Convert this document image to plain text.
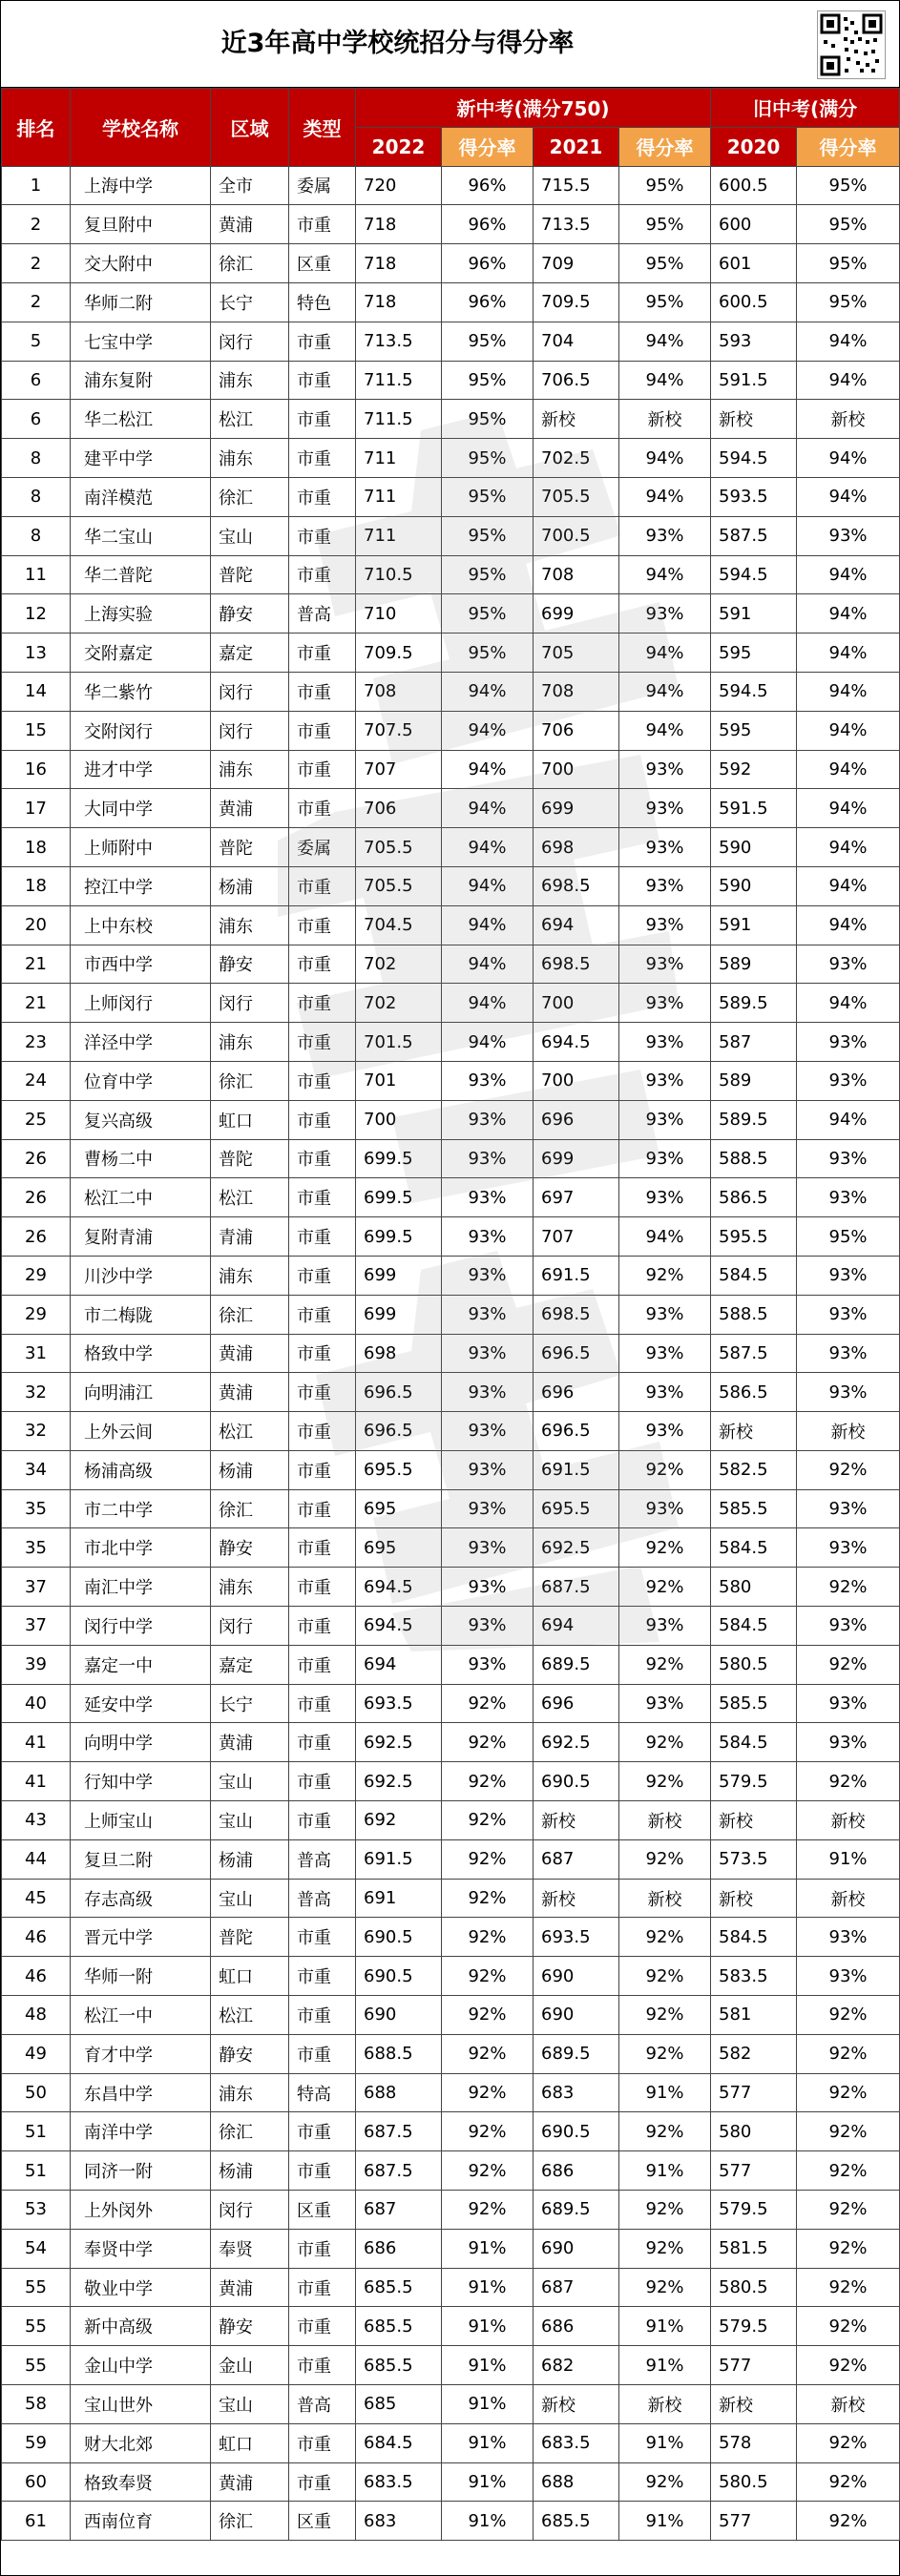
近3年高中学校统招分与得分率
排名	学校名称	区域	类型	新中考(满分750)				旧中考(满分	
				2022	得分率	2021	得分率	2020	得分率
1	上海中学	全市	委属	720	96%	715.5	95%	600.5	95%
2	复旦附中	黄浦	市重	718	96%	713.5	95%	600	95%
2	交大附中	徐汇	区重	718	96%	709	95%	601	95%
2	华师二附	长宁	特色	718	96%	709.5	95%	600.5	95%
5	七宝中学	闵行	市重	713.5	95%	704	94%	593	94%
6	浦东复附	浦东	市重	711.5	95%	706.5	94%	591.5	94%
6	华二松江	松江	市重	711.5	95%	新校	新校	新校	新校
8	建平中学	浦东	市重	711	95%	702.5	94%	594.5	94%
8	南洋模范	徐汇	市重	711	95%	705.5	94%	593.5	94%
8	华二宝山	宝山	市重	711	95%	700.5	93%	587.5	93%
11	华二普陀	普陀	市重	710.5	95%	708	94%	594.5	94%
12	上海实验	静安	普高	710	95%	699	93%	591	94%
13	交附嘉定	嘉定	市重	709.5	95%	705	94%	595	94%
14	华二紫竹	闵行	市重	708	94%	708	94%	594.5	94%
15	交附闵行	闵行	市重	707.5	94%	706	94%	595	94%
16	进才中学	浦东	市重	707	94%	700	93%	592	94%
17	大同中学	黄浦	市重	706	94%	699	93%	591.5	94%
18	上师附中	普陀	委属	705.5	94%	698	93%	590	94%
18	控江中学	杨浦	市重	705.5	94%	698.5	93%	590	94%
20	上中东校	浦东	市重	704.5	94%	694	93%	591	94%
21	市西中学	静安	市重	702	94%	698.5	93%	589	93%
21	上师闵行	闵行	市重	702	94%	700	93%	589.5	94%
23	洋泾中学	浦东	市重	701.5	94%	694.5	93%	587	93%
24	位育中学	徐汇	市重	701	93%	700	93%	589	93%
25	复兴高级	虹口	市重	700	93%	696	93%	589.5	94%
26	曹杨二中	普陀	市重	699.5	93%	699	93%	588.5	93%
26	松江二中	松江	市重	699.5	93%	697	93%	586.5	93%
26	复附青浦	青浦	市重	699.5	93%	707	94%	595.5	95%
29	川沙中学	浦东	市重	699	93%	691.5	92%	584.5	93%
29	市二梅陇	徐汇	市重	699	93%	698.5	93%	588.5	93%
31	格致中学	黄浦	市重	698	93%	696.5	93%	587.5	93%
32	向明浦江	黄浦	市重	696.5	93%	696	93%	586.5	93%
32	上外云间	松江	市重	696.5	93%	696.5	93%	新校	新校
34	杨浦高级	杨浦	市重	695.5	93%	691.5	92%	582.5	92%
35	市二中学	徐汇	市重	695	93%	695.5	93%	585.5	93%
35	市北中学	静安	市重	695	93%	692.5	92%	584.5	93%
37	南汇中学	浦东	市重	694.5	93%	687.5	92%	580	92%
37	闵行中学	闵行	市重	694.5	93%	694	93%	584.5	93%
39	嘉定一中	嘉定	市重	694	93%	689.5	92%	580.5	92%
40	延安中学	长宁	市重	693.5	92%	696	93%	585.5	93%
41	向明中学	黄浦	市重	692.5	92%	692.5	92%	584.5	93%
41	行知中学	宝山	市重	692.5	92%	690.5	92%	579.5	92%
43	上师宝山	宝山	市重	692	92%	新校	新校	新校	新校
44	复旦二附	杨浦	普高	691.5	92%	687	92%	573.5	91%
45	存志高级	宝山	普高	691	92%	新校	新校	新校	新校
46	晋元中学	普陀	市重	690.5	92%	693.5	92%	584.5	93%
46	华师一附	虹口	市重	690.5	92%	690	92%	583.5	93%
48	松江一中	松江	市重	690	92%	690	92%	581	92%
49	育才中学	静安	市重	688.5	92%	689.5	92%	582	92%
50	东昌中学	浦东	特高	688	92%	683	91%	577	92%
51	南洋中学	徐汇	市重	687.5	92%	690.5	92%	580	92%
51	同济一附	杨浦	市重	687.5	92%	686	91%	577	92%
53	上外闵外	闵行	区重	687	92%	689.5	92%	579.5	92%
54	奉贤中学	奉贤	市重	686	91%	690	92%	581.5	92%
55	敬业中学	黄浦	市重	685.5	91%	687	92%	580.5	92%
55	新中高级	静安	市重	685.5	91%	686	91%	579.5	92%
55	金山中学	金山	市重	685.5	91%	682	91%	577	92%
58	宝山世外	宝山	普高	685	91%	新校	新校	新校	新校
59	财大北郊	虹口	市重	684.5	91%	683.5	91%	578	92%
60	格致奉贤	黄浦	市重	683.5	91%	688	92%	580.5	92%
61	西南位育	徐汇	区重	683	91%	685.5	91%	577	92%
